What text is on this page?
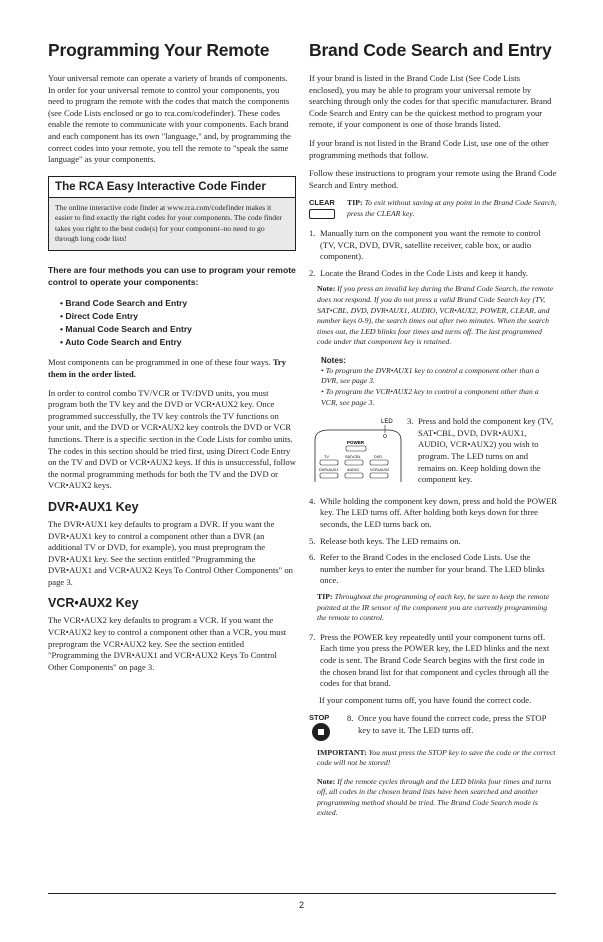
Programming Your Remote

Your universal remote can operate a variety of brands of components. In order for your universal remote to control your components, you need to program the remote with the codes that match the components (see Code Lists enclosed or go to rca.com/codefinder). These codes enable the remote to communicate with your components. Each brand and each component has its own "language," and, by programming the correct codes into your remote, you tell the remote to "speak the same language" as your components.

The RCA Easy Interactive Code Finder

The online interactive code finder at www.rca.com/codefinder makes it easier to find exactly the right codes for your components. The code finder takes you right to the best code(s) for your component–no need to go through long code lists!

There are four methods you can use to program your remote control to operate your components:
• Brand Code Search and Entry
• Direct Code Entry
• Manual Code Search and Entry
• Auto Code Search and Entry

Most components can be programmed in one of these four ways. Try them in the order listed.

In order to control combo TV/VCR or TV/DVD units, you must program both the TV key and the DVD or VCR•AUX2 key. Once programmed successfully, the TV key controls the TV functions on your unit, and the DVD or VCR•AUX2 key controls the DVD or VCR functions. There is a specific section in the Code Lists for combo units. The codes in this section should be tried first, using Direct Code Entry on the TV and DVD or VCR•AUX2 keys. If this is unsuccessful, follow the normal programming methods for both the TV and the DVD or VCR•AUX2 keys.

DVR•AUX1 Key

The DVR•AUX1 key defaults to program a DVR. If you want the DVR•AUX1 key to control a component other than a DVR (an additional TV or DVD, for example), you must preprogram the DVR•AUX1 key. See the section entitled "Programming the DVR•AUX1 and VCR•AUX2 Keys To Control Other Components" on page 3.

VCR•AUX2 Key

The VCR•AUX2 key defaults to program a VCR. If you want the VCR•AUX2 key to control a component other than a VCR, you must preprogram the VCR•AUX2 key. See the section entitled "Programming the DVR•AUX1 and VCR•AUX2 Keys To Control Other Components" on page 3.

Brand Code Search and Entry

If your brand is listed in the Brand Code List (See Code Lists enclosed), you may be able to program your universal remote by searching through only the codes for that specific manufacturer. Brand Code Search and Entry can be the quickest method to program your remote, if your component is one of those brands listed.

If your brand is not listed in the Brand Code List, use one of the other programming methods that follow.

Follow these instructions to program your remote using the Brand Code Search and Entry method.

CLEAR	TIP: To exit without saving at any point in the Brand Code Search, press the CLEAR key.
1. Manually turn on the component you want the remote to control (TV, VCR, DVD, DVR, satellite receiver, cable box, or audio component).
2. Locate the Brand Codes in the Code Lists and keep it handy.
Note: If you press an invalid key during the Brand Code Search, the remote does not respond. If you do not press a valid Brand Code Search key (TV, SAT•CBL, DVD, DVR•AUX1, AUDIO, VCR•AUX2, POWER, CLEAR, and number keys 0-9), the search times out after two minutes. When the search times out, the LED blinks four times and turns off. The last programmed code under that component key is retained.
Notes:
• To program the DVR•AUX1 key to control a component other than a DVR, see page 3.
• To program the VCR•AUX2 key to control a component other than a VCR, see page 3.
LED
POWER
TV	SAT•CBL	DVD
DVR•AUX1 AUDIO	VCR•AUX2
3. Press and hold the component key (TV, SAT•CBL, DVD, DVR•AUX1, AUDIO, VCR•AUX2) you wish to program. The LED turns on and remains on. Keep holding down the component key.
4. While holding the component key down, press and hold the POWER key. The LED turns off. After holding both keys down for three seconds, the LED turns back on.
5. Release both keys. The LED remains on.
6. Refer to the Brand Codes in the enclosed Code Lists. Use the number keys to enter the number for your brand. The LED blinks once.
TIP: Throughout the programming of each key, be sure to keep the remote pointed at the IR sensor of the component you are currently programming the remote to control.
7. Press the POWER key repeatedly until your component turns off. Each time you press the POWER key, the LED blinks and the next code is sent. The Brand Code Search begins with the first code in the chosen brand list for that component and cycles through all the codes for that brand.

If your component turns off, you have found the correct code.

STOP	8. Once you have found the correct code, press the STOP key to save it. The LED turns off.
IMPORTANT: You must press the STOP key to save the code or the correct code will not be stored!
Note: If the remote cycles through and the LED blinks four times and turns off, all codes in the chosen brand lists have been searched and another programming method should be tried. The Brand Code Search mode is exited.
2
